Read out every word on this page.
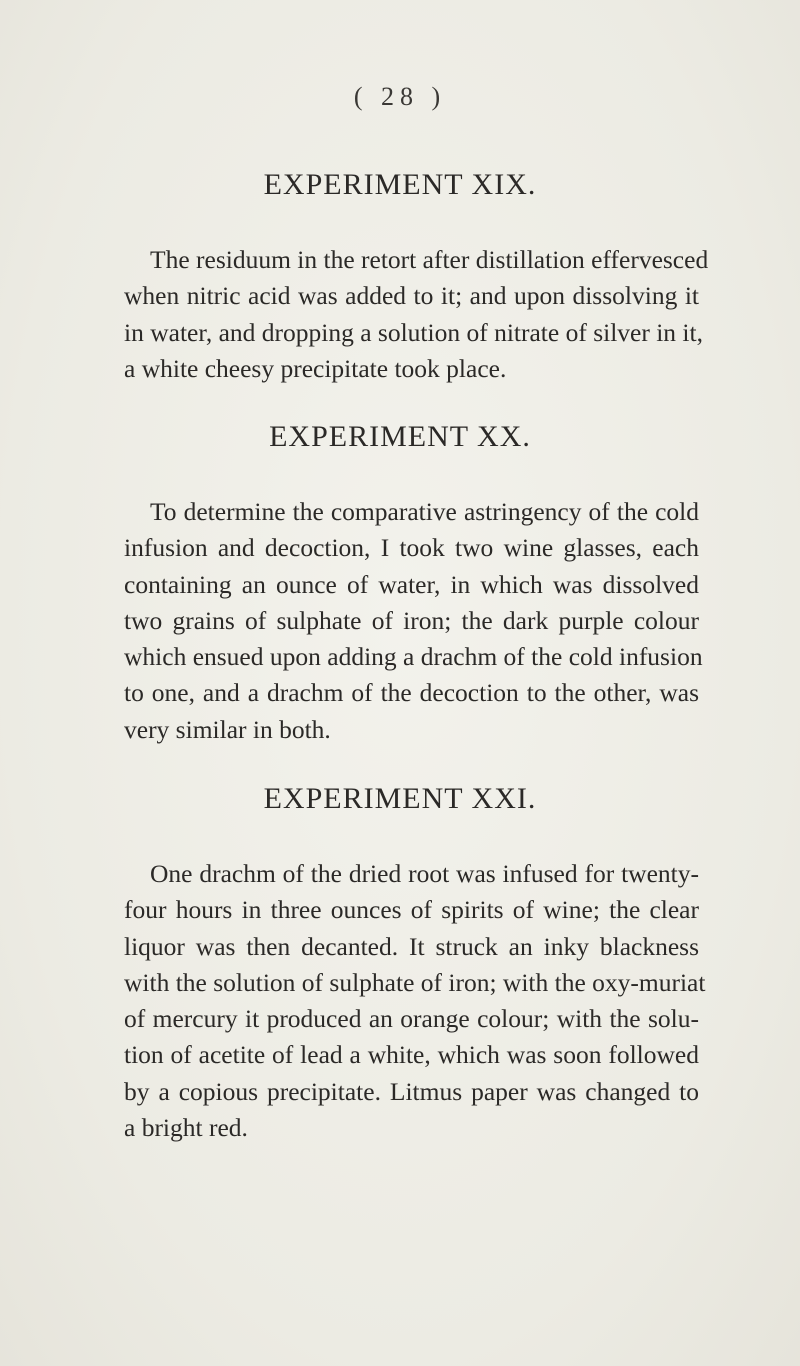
( 28 )
EXPERIMENT XIX.
The residuum in the retort after distillation effervesced
when nitric acid was added to it; and upon dissolving it
in water, and dropping a solution of nitrate of silver in it,
a white cheesy precipitate took place.
EXPERIMENT XX.
To determine the comparative astringency of the cold
infusion and decoction, I took two wine glasses, each
containing an ounce of water, in which was dissolved
two grains of sulphate of iron; the dark purple colour
which ensued upon adding a drachm of the cold infusion
to one, and a drachm of the decoction to the other, was
very similar in both.
EXPERIMENT XXI.
One drachm of the dried root was infused for twenty-
four hours in three ounces of spirits of wine; the clear
liquor was then decanted. It struck an inky blackness
with the solution of sulphate of iron; with the oxy-muriat
of mercury it produced an orange colour; with the solu-
tion of acetite of lead a white, which was soon followed
by a copious precipitate. Litmus paper was changed to
a bright red.
